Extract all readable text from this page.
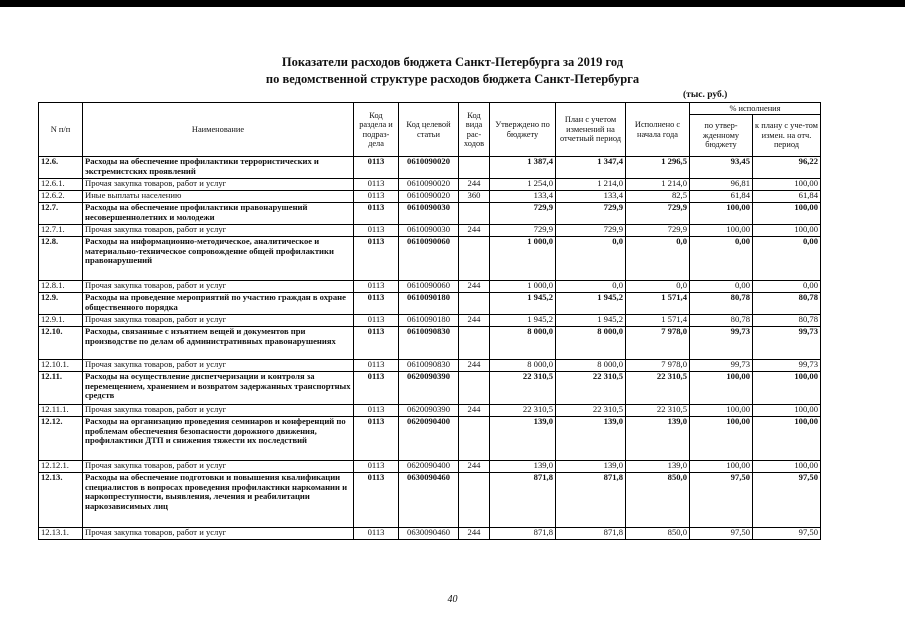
Показатели расходов бюджета Санкт-Петербурга за 2019 год
по ведомственной структуре расходов бюджета Санкт-Петербурга
(тыс. руб.)
N п/п	Наименование	Код раздела и подраз-дела	Код целевой статьи	Код вида рас-ходов	Утверждено по бюджету	План с учетом изменений на отчетный период	Исполнено с начала года	% исполнения	
								по утвер-жденному бюджету	к плану с уче-том измен. на отч. период
12.6.	Расходы на обеспечение профилактики террористических и экстремистских проявлений	0113	0610090020		1 387,4	1 347,4	1 296,5	93,45	96,22
12.6.1.	Прочая закупка товаров, работ и услуг	0113	0610090020	244	1 254,0	1 214,0	1 214,0	96,81	100,00
12.6.2.	Иные выплаты населению	0113	0610090020	360	133,4	133,4	82,5	61,84	61,84
12.7.	Расходы на обеспечение профилактики правонарушений несовершеннолетних и молодежи	0113	0610090030		729,9	729,9	729,9	100,00	100,00
12.7.1.	Прочая закупка товаров, работ и услуг	0113	0610090030	244	729,9	729,9	729,9	100,00	100,00
12.8.	Расходы на информационно-методическое, аналитическое и материально-техническое сопровождение общей профилактики правонарушений	0113	0610090060		1 000,0	0,0	0,0	0,00	0,00
12.8.1.	Прочая закупка товаров, работ и услуг	0113	0610090060	244	1 000,0	0,0	0,0	0,00	0,00
12.9.	Расходы на проведение мероприятий по участию граждан в охране общественного порядка	0113	0610090180		1 945,2	1 945,2	1 571,4	80,78	80,78
12.9.1.	Прочая закупка товаров, работ и услуг	0113	0610090180	244	1 945,2	1 945,2	1 571,4	80,78	80,78
12.10.	Расходы, связанные с изъятием вещей и документов при производстве по делам об административных правонарушениях	0113	0610090830		8 000,0	8 000,0	7 978,0	99,73	99,73
12.10.1.	Прочая закупка товаров, работ и услуг	0113	0610090830	244	8 000,0	8 000,0	7 978,0	99,73	99,73
12.11.	Расходы на осуществление диспетчеризации и контроля за перемещением, хранением и возвратом задержанных транспортных средств	0113	0620090390		22 310,5	22 310,5	22 310,5	100,00	100,00
12.11.1.	Прочая закупка товаров, работ и услуг	0113	0620090390	244	22 310,5	22 310,5	22 310,5	100,00	100,00
12.12.	Расходы на организацию проведения семинаров и конференций по проблемам обеспечения безопасности дорожного движения, профилактики ДТП и снижения тяжести их последствий	0113	0620090400		139,0	139,0	139,0	100,00	100,00
12.12.1.	Прочая закупка товаров, работ и услуг	0113	0620090400	244	139,0	139,0	139,0	100,00	100,00
12.13.	Расходы на обеспечение подготовки и повышения квалификации специалистов в вопросах проведения профилактики наркомании и наркопреступности, выявления, лечения и реабилитации наркозависимых лиц	0113	0630090460		871,8	871,8	850,0	97,50	97,50
12.13.1.	Прочая закупка товаров, работ и услуг	0113	0630090460	244	871,8	871,8	850,0	97,50	97,50
40
